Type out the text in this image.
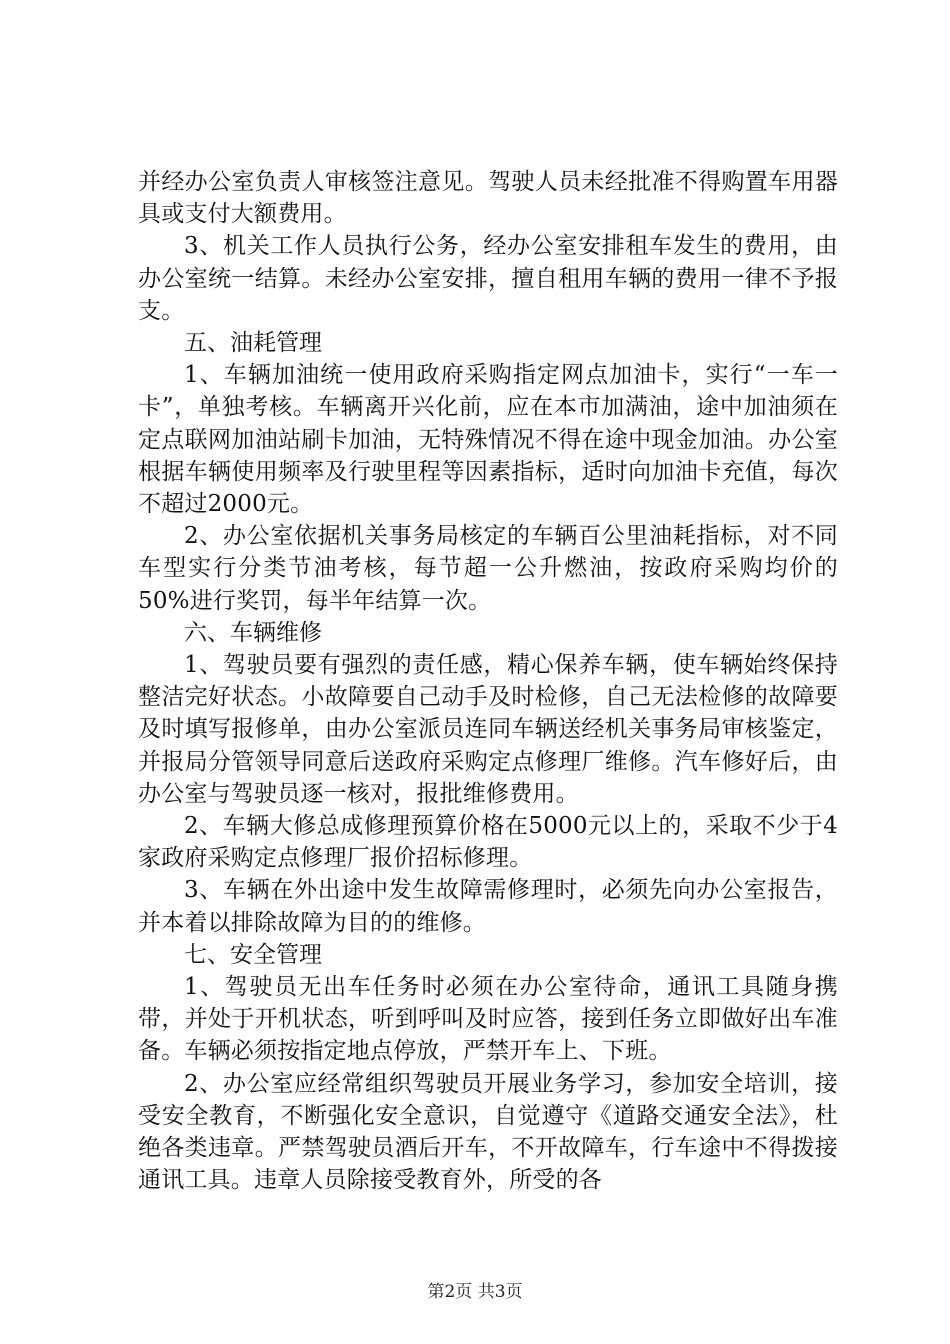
并经办公室负责人审核签注意见。驾驶人员未经批准不得购置车用器具或支付大额费用。

3、机关工作人员执行公务，经办公室安排租车发生的费用，由办公室统一结算。未经办公室安排，擅自租用车辆的费用一律不予报支。

五、油耗管理

1、车辆加油统一使用政府采购指定网点加油卡，实行“一车一卡”，单独考核。车辆离开兴化前，应在本市加满油，途中加油须在定点联网加油站刷卡加油，无特殊情况不得在途中现金加油。办公室根据车辆使用频率及行驶里程等因素指标，适时向加油卡充值，每次不超过2000元。

2、办公室依据机关事务局核定的车辆百公里油耗指标，对不同车型实行分类节油考核，每节超一公升燃油，按政府采购均价的50%进行奖罚，每半年结算一次。

六、车辆维修

1、驾驶员要有强烈的责任感，精心保养车辆，使车辆始终保持整洁完好状态。小故障要自己动手及时检修，自己无法检修的故障要及时填写报修单，由办公室派员连同车辆送经机关事务局审核鉴定，并报局分管领导同意后送政府采购定点修理厂维修。汽车修好后，由办公室与驾驶员逐一核对，报批维修费用。

2、车辆大修总成修理预算价格在5000元以上的，采取不少于4家政府采购定点修理厂报价招标修理。

3、车辆在外出途中发生故障需修理时，必须先向办公室报告，并本着以排除故障为目的的维修。

七、安全管理

1、驾驶员无出车任务时必须在办公室待命，通讯工具随身携带，并处于开机状态，听到呼叫及时应答，接到任务立即做好出车准备。车辆必须按指定地点停放，严禁开车上、下班。

2、办公室应经常组织驾驶员开展业务学习，参加安全培训，接受安全教育，不断强化安全意识，自觉遵守《道路交通安全法》，杜绝各类违章。严禁驾驶员酒后开车，不开故障车，行车途中不得拨接通讯工具。违章人员除接受教育外，所受的各

第2页 共3页
